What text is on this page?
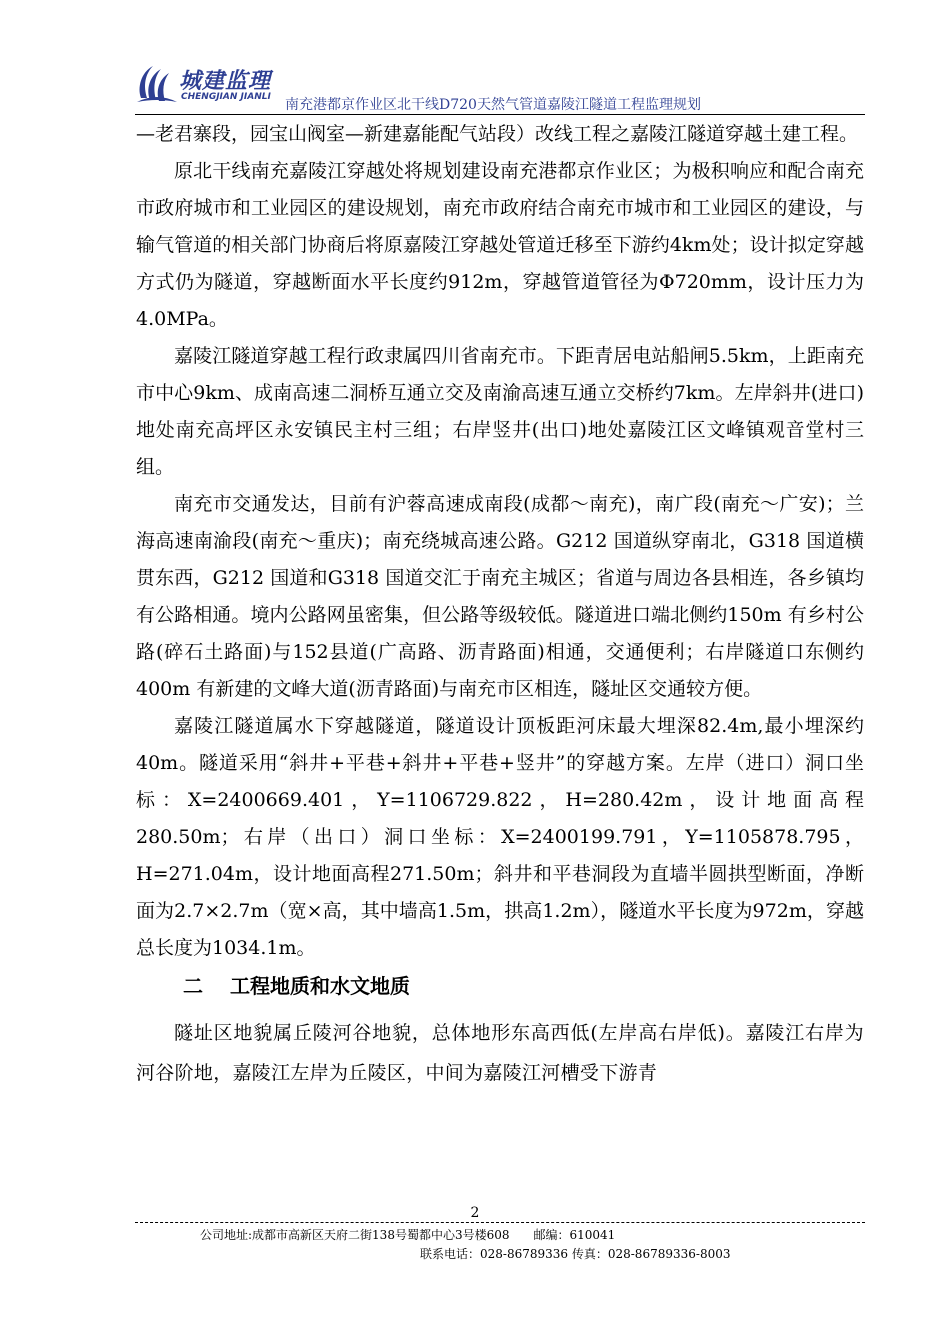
城建监理
CHENGJIAN JIANLI 南充港都京作业区北干线D720天然气管道嘉陵江隧道工程监理规划

—老君寨段，园宝山阀室—新建嘉能配气站段）改线工程之嘉陵江隧道穿越土建工程。

原北干线南充嘉陵江穿越处将规划建设南充港都京作业区；为极积响应和配合南充市政府城市和工业园区的建设规划，南充市政府结合南充市城市和工业园区的建设，与输气管道的相关部门协商后将原嘉陵江穿越处管道迁移至下游约4km处；设计拟定穿越方式仍为隧道，穿越断面水平长度约912m，穿越管道管径为Φ720mm，设计压力为4.0MPa。

嘉陵江隧道穿越工程行政隶属四川省南充市。下距青居电站船闸5.5km，上距南充市中心9km、成南高速二洞桥互通立交及南渝高速互通立交桥约7km。左岸斜井(进口)地处南充高坪区永安镇民主村三组；右岸竖井(出口)地处嘉陵江区文峰镇观音堂村三组。

南充市交通发达，目前有沪蓉高速成南段(成都～南充)，南广段(南充～广安)；兰海高速南渝段(南充～重庆)；南充绕城高速公路。G212 国道纵穿南北，G318 国道横贯东西，G212 国道和G318 国道交汇于南充主城区；省道与周边各县相连，各乡镇均有公路相通。境内公路网虽密集，但公路等级较低。隧道进口端北侧约150m 有乡村公路(碎石土路面)与152县道(广高路、沥青路面)相通，交通便利；右岸隧道口东侧约400m 有新建的文峰大道(沥青路面)与南充市区相连，隧址区交通较方便。

嘉陵江隧道属水下穿越隧道，隧道设计顶板距河床最大埋深82.4m,最小埋深约40m。隧道采用“斜井+平巷+斜井+平巷+竖井”的穿越方案。左岸（进口）洞口坐标：X=2400669.401，Y=1106729.822，H=280.42m，设计地面高程280.50m；右岸（出口）洞口坐标：X=2400199.791，Y=1105878.795，H=271.04m，设计地面高程271.50m；斜井和平巷洞段为直墙半圆拱型断面，净断面为2.7×2.7m（宽×高，其中墙高1.5m，拱高1.2m），隧道水平长度为972m，穿越总长度为1034.1m。

二　 工程地质和水文地质

隧址区地貌属丘陵河谷地貌，总体地形东高西低(左岸高右岸低)。嘉陵江右岸为河谷阶地，嘉陵江左岸为丘陵区，中间为嘉陵江河槽受下游青

2
公司地址:成都市高新区天府二街138号蜀都中心3号楼608　　邮编：610041
联系电话：028-86789336 传真：028-86789336-8003
